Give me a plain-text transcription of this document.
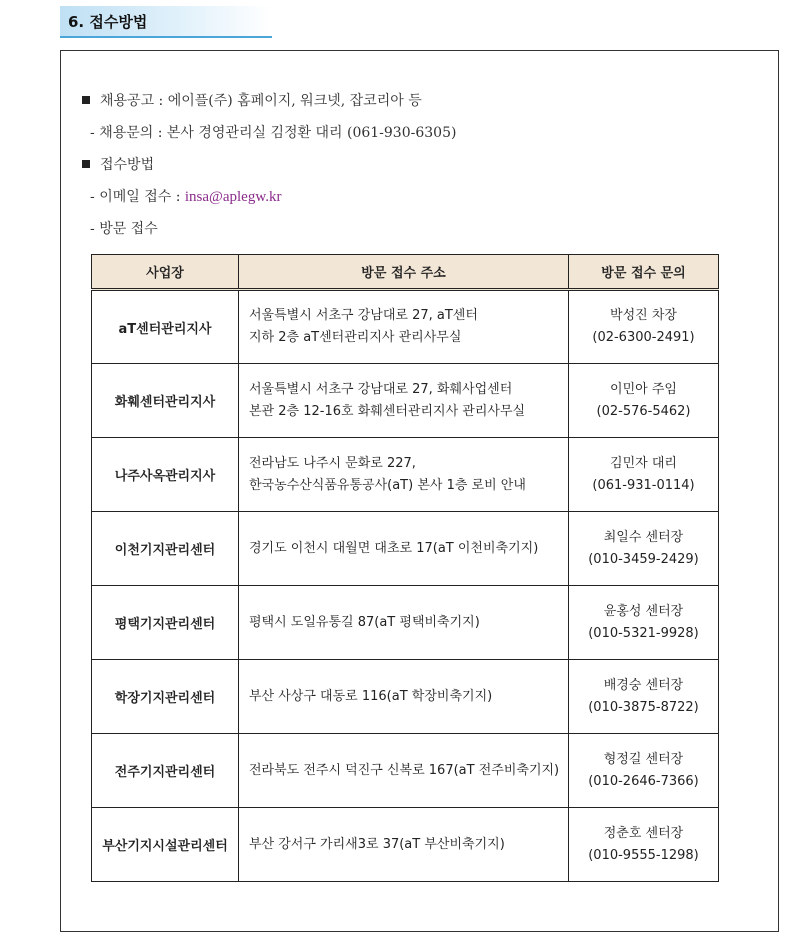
6. 접수방법
채용공고 : 에이플(주) 홈페이지, 워크넷, 잡코리아 등
- 채용문의 : 본사 경영관리실 김정환 대리 (061-930-6305)
접수방법
- 이메일 접수 : insa@aplegw.kr
- 방문 접수
사업장	방문 접수 주소	방문 접수 문의
aT센터관리지사	서울특별시 서초구 강남대로 27, aT센터
지하 2층 aT센터관리지사 관리사무실	박성진 차장
(02-6300-2491)

화훼센터관리지사	서울특별시 서초구 강남대로 27, 화훼사업센터
본관 2층 12-16호 화훼센터관리지사 관리사무실	이민아 주임
(02-576-5462)

나주사옥관리지사	전라남도 나주시 문화로 227,
한국농수산식품유통공사(aT) 본사 1층 로비 안내	김민자 대리
(061-931-0114)

이천기지관리센터	경기도 이천시 대월면 대초로 17(aT 이천비축기지)	최일수 센터장
(010-3459-2429)

평택기지관리센터	평택시 도일유통길 87(aT 평택비축기지)	윤홍성 센터장
(010-5321-9928)

학장기지관리센터	부산 사상구 대동로 116(aT 학장비축기지)	배경숭 센터장
(010-3875-8722)

전주기지관리센터	전라북도 전주시 덕진구 신복로 167(aT 전주비축기지)	형정길 센터장
(010-2646-7366)

부산기지시설관리센터	부산 강서구 가리새3로 37(aT 부산비축기지)	정춘호 센터장
(010-9555-1298)
